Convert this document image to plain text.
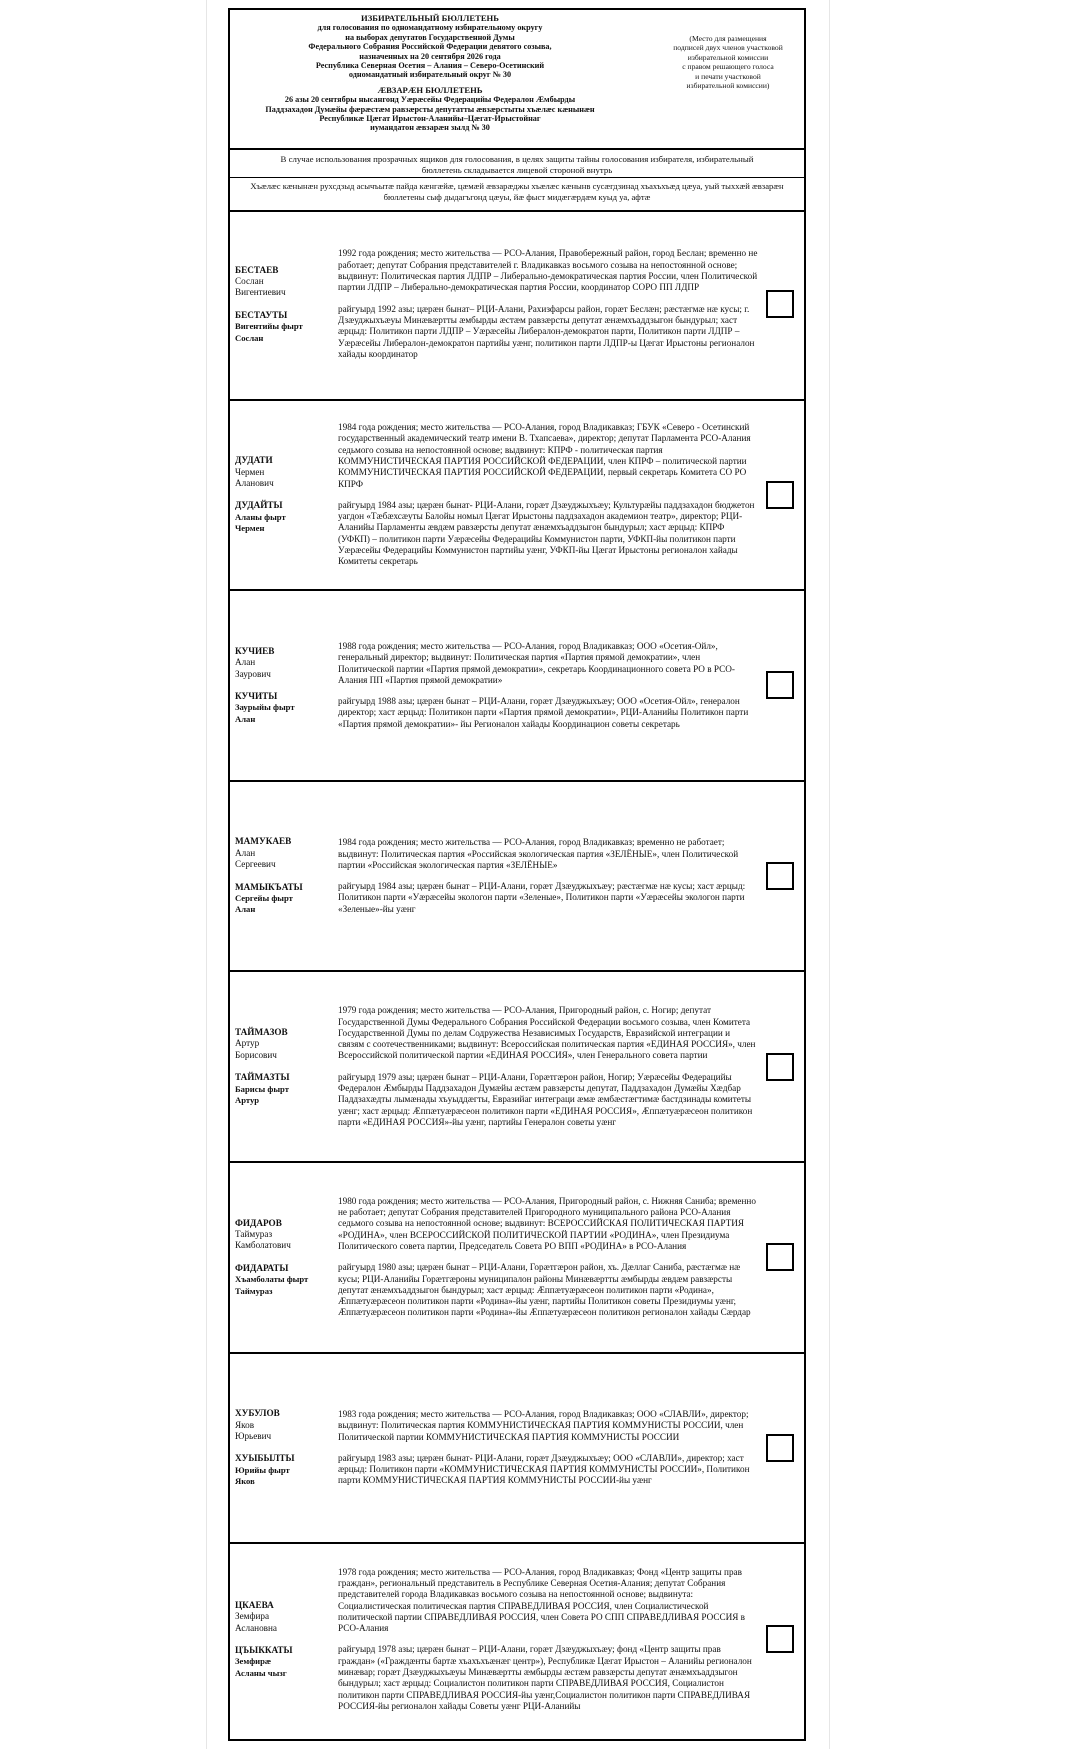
ИЗБИРАТЕЛЬНЫЙ БЮЛЛЕТЕНЬ
для голосования по одномандатному избирательному округу
на выборах депутатов Государственной Думы
Федерального Собрания Российской Федерации девятого созыва,
назначенных на 20 сентября 2026 года
Республика Северная Осетия – Алания – Северо-Осетинский
одномандатный избирательный округ № 30
ÆВЗАРÆН БЮЛЛЕТЕНЬ
26 азы 20 сентябры нысангонд Уæрæсейы Федерацийы Федералон Æмбырды
Паддзахадон Думæйы фæрæстæм равзæрсты депутатты æвзæрстыты хъæлæс кæнынæн
Республикæ Цæгат Ирыстон-Аланийы–Цæгат-Ирыстойнаг
иумандатон æвзарæн зылд № 30
(Место для размещения
подписей двух членов участковой
избирательной комиссии
с правом решающего голоса
и печати участковой
избирательной комиссии)
В случае использования прозрачных ящиков для голосования, в целях защиты тайны голосования избирателя, избирательный бюллетень складывается лицевой стороной внутрь
Хъæлæс кæнынæн рухсдзыд асычъытæ пайда кæнгæйæ, цæмæй æвзарæджы хъæлæс кæнынв сусæгдзинад хъахъхъæд цæуа, уый тыххæй æвзарæн бюллетены сыф дыдагъгонд цæуы, йæ фыст мидæгæрдæм куыд уа, афтæ
БЕСТАЕВ
Сослан
Вигентиевич
БЕСТАУТЫ
Вигентийы фырт
Сослан
1992 года рождения; место жительства — РСО-Алания, Правобережный район, город Беслан; временно не работает; депутат Собрания представителей г. Владикавказ восьмого созыва на непостоянной основе; выдвинут: Политическая партия ЛДПР – Либерально-демократическая партия России, член Политической партии ЛДПР – Либерально-демократическая партия России, координатор СОРО ПП ЛДПР
райгуырд 1992 азы; цæрæн бынат– РЦИ-Алани, Рахизфарсы район, горæт Беслæн; рæстæгмæ нæ кусы; г. Дзæуджыхъæуы Минæвæртты æмбырды æстæм равзæрсты депутат æнæмхъаддзыгон бындурыл; хаст æрцыд: Политикон парти ЛДПР – Уæрæсейы Либералон-демократон парти, Политикон парти ЛДПР – Уæрæсейы Либералон-демократон партийы уæнг, политикон парти ЛДПР-ы Цæгат Ирыстоны регионалон хайады координатор
ДУДАТИ
Чермен
Аланович
ДУДАЙТЫ
Аланы фырт
Чермен
1984 года рождения; место жительства — РСО-Алания, город Владикавказ; ГБУК «Северо - Осетинский государственный академический театр имени В. Тхапсаева», директор; депутат Парламента РСО-Алания седьмого созыва на непостоянной основе; выдвинут: КПРФ - политическая партия КОММУНИСТИЧЕСКАЯ ПАРТИЯ РОССИЙСКОЙ ФЕДЕРАЦИИ, член КПРФ – политической партии КОММУНИСТИЧЕСКАЯ ПАРТИЯ РОССИЙСКОЙ ФЕДЕРАЦИИ, первый секретарь Комитета СО РО КПРФ
райгуырд 1984 азы; цæрæн бынат- РЦИ-Алани, горæт Дзæуджыхъæу; Культурæйы паддзахадон бюджетон уагдон «Тæбæхсæуты Балойы номыл Цæгат Ирыстоны паддзахадон академион театр», директор; РЦИ-Аланийы Парламенты æвдæм равзæрсты депутат æнæмхъаддзыгон бындурыл; хаст æрцыд: КПРФ (УФКП) – политикон парти Уæрæсейы Федерацийы Коммунистон парти, УФКП-йы политикон парти Уæрæсейы Федерацийы Коммунистон партийы уæнг, УФКП-йы Цæгат Ирыстоны регионалон хайады Комитеты секретарь
КУЧИЕВ
Алан
Заурович
КУЧИТЫ
Заурыйы фырт
Алан
1988 года рождения; место жительства — РСО-Алания, город Владикавказ; ООО «Осетия-Ойл», генеральный директор; выдвинут: Политическая партия «Партия прямой демократии», член Политической партии «Партия прямой демократии», секретарь Координационного совета РО в РСО-Алания ПП «Партия прямой демократии»
райгуырд 1988 азы; цæрæн бынат – РЦИ-Алани, горæт Дзæуджыхъæу; ООО «Осетия-Ойл», генералон директор; хаст æрцыд: Политикон парти «Партия прямой демократии», РЦИ-Аланийы Политикон парти «Партия прямой демократии»- йы Регионалон хайады Координацион советы секретарь
МАМУКАЕВ
Алан
Сергеевич
МАМЫКЪАТЫ
Сергейы фырт
Алан
1984 года рождения; место жительства — РСО-Алания, город Владикавказ; временно не работает; выдвинут: Политическая партия «Российская экологическая партия «ЗЕЛЁНЫЕ», член Политической партии «Российская экологическая партия «ЗЕЛЁНЫЕ»
райгуырд 1984 азы; цæрæн бынат – РЦИ-Алани, горæт Дзæуджыхъæу; рæстæгмæ нæ кусы; хаст æрцыд: Политикон парти «Уæрæсейы экологон парти «Зеленые», Политикон парти «Уæрæсейы экологон парти «Зеленые»-йы уæнг
ТАЙМАЗОВ
Артур
Борисович
ТАЙМАЗТЫ
Барисы фырт
Артур
1979 года рождения; место жительства — РСО-Алания, Пригородный район, с. Ногир; депутат Государственной Думы Федерального Собрания Российской Федерации восьмого созыва, член Комитета Государственной Думы по делам Содружества Независимых Государств, Евразийской интеграции и связям с соотечественниками; выдвинут: Всероссийская политическая партия «ЕДИНАЯ РОССИЯ», член Всероссийской политической партии «ЕДИНАЯ РОССИЯ», член Генерального совета партии
райгуырд 1979 азы; цæрæн бынат – РЦИ-Алани, Горæтгæрон район, Ногир; Уæрæсейы Федерацийы Федералон Æмбырды Паддзахадон Думæйы æстæм равзæрсты депутат, Паддзахадон Думæйы Хæдбар Паддзахæдты лымæнады хъуыддæгты, Евразийаг интеграци æмæ æмбæстæгтимæ бастдзинады комитеты уæнг; хаст æрцыд: Æппæтуæрæсеон политикон парти «ЕДИНАЯ РОССИЯ», Æппæтуæрæсеон политикон парти «ЕДИНАЯ РОССИЯ»-йы уæнг, партийы Генералон советы уæнг
ФИДАРОВ
Таймураз
Камболатович
ФИДАРАТЫ
Хъамболаты фырт
Таймураз
1980 года рождения; место жительства — РСО-Алания, Пригородный район, с. Нижняя Саниба; временно не работает; депутат Собрания представителей Пригородного муниципального района РСО-Алания седьмого созыва на непостоянной основе; выдвинут: ВСЕРОССИЙСКАЯ ПОЛИТИЧЕСКАЯ ПАРТИЯ «РОДИНА», член ВСЕРОССИЙСКОЙ ПОЛИТИЧЕСКОЙ ПАРТИИ «РОДИНА», член Президиума Политического совета партии, Председатель Совета РО ВПП «РОДИНА» в РСО-Алания
райгуырд 1980 азы; цæрæн бынат – РЦИ-Алани, Горæтгæрон район, хъ. Дæллаг Саниба, рæстæгмæ нæ кусы; РЦИ-Аланийы Горæтгæроны муниципалон районы Минæвæртты æмбырды æвдæм равзæрсты депутат æнæмхъаддзыгон бындурыл; хаст æрцыд: Æппæтуæрæсеон политикон парти «Родина», Æппæтуæрæсеон политикон парти «Родина»-йы уæнг, партийы Политикон советы Президиумы уæнг, Æппæтуæрæсеон политикон парти «Родина»-йы Æппæтуæрæсеон политикон регионалон хайады Сæрдар
ХУБУЛОВ
Яков
Юрьевич
ХУЫБЫЛТЫ
Юрийы фырт
Яков
1983 года рождения; место жительства — РСО-Алания, город Владикавказ; ООО «СЛАВЛИ», директор; выдвинут: Политическая партия КОММУНИСТИЧЕСКАЯ ПАРТИЯ КОММУНИСТЫ РОССИИ, член Политической партии КОММУНИСТИЧЕСКАЯ ПАРТИЯ КОММУНИСТЫ РОССИИ
райгуырд 1983 азы; цæрæн бынат- РЦИ-Алани, горæт Дзæуджыхъæу; ООО «СЛАВЛИ», директор; хаст æрцыд: Политикон парти «КОММУНИСТИЧЕСКАЯ ПАРТИЯ КОММУНИСТЫ РОССИИ», Политикон парти КОММУНИСТИЧЕСКАЯ ПАРТИЯ КОММУНИСТЫ РОССИИ-йы уæнг
ЦКАЕВА
Земфира
Аслановна
ЦЪЫККАТЫ
Земфирæ
Асланы чызг
1978 года рождения; место жительства — РСО-Алания, город Владикавказ; Фонд «Центр защиты прав граждан», региональный представитель в Республике Северная Осетия-Алания; депутат Собрания представителей города Владикавказ восьмого созыва на непостоянной основе; выдвинута: Социалистическая политическая партия СПРАВЕДЛИВАЯ РОССИЯ, член Социалистической политической партии СПРАВЕДЛИВАЯ РОССИЯ, член Совета РО СПП СПРАВЕДЛИВАЯ РОССИЯ в РСО-Алания
райгуырд 1978 азы; цæрæн бынат – РЦИ-Алани, горæт Дзæуджыхъæу; фонд «Центр защиты прав граждан» («Граждæнты бартæ хъахъхъæнæг центр»), Республикæ Цæгат Ирыстон – Аланийы регионалон минæвар; горæт Дзæуджыхъæуы Минæвæртты æмбырды æстæм равзæрсты депутат æнæмхъаддзыгон бындурыл; хаст æрцыд: Социалистон политикон парти СПРАВЕДЛИВАЯ РОССИЯ, Социалистон политикон парти СПРАВЕДЛИВАЯ РОССИЯ-йы уæнг,Социалистон политикон парти СПРАВЕДЛИВАЯ РОССИЯ-йы регионалон хайады Советы уæнг РЦИ-Аланийы
